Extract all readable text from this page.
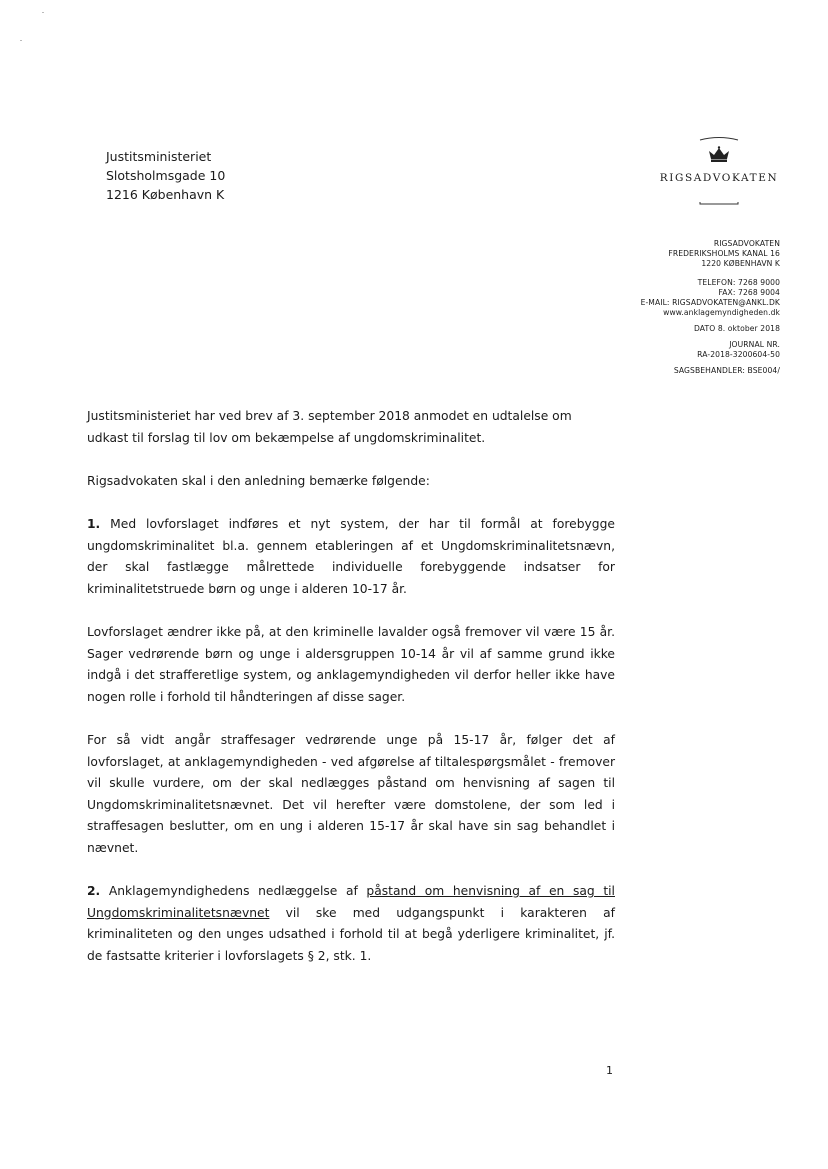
Justitsministeriet
Slotsholmsgade 10
1216 København K
RIGSADVOKATEN
RIGSADVOKATEN
FREDERIKSHOLMS KANAL 16
1220 KØBENHAVN K
TELEFON: 7268 9000
FAX: 7268 9004
E-MAIL: RIGSADVOKATEN@ANKL.DK
www.anklagemyndigheden.dk
DATO 8. oktober 2018
JOURNAL NR.
RA-2018-3200604-50
SAGSBEHANDLER: BSE004/

Justitsministeriet har ved brev af 3. september 2018 anmodet en udtalelse om udkast til forslag til lov om bekæmpelse af ungdomskriminalitet.

Rigsadvokaten skal i den anledning bemærke følgende:

1. Med lovforslaget indføres et nyt system, der har til formål at forebygge ungdomskriminalitet bl.a. gennem etableringen af et Ungdomskriminalitetsnævn, der skal fastlægge målrettede individuelle forebyggende indsatser for kriminalitetstruede børn og unge i alderen 10-17 år.

Lovforslaget ændrer ikke på, at den kriminelle lavalder også fremover vil være 15 år. Sager vedrørende børn og unge i aldersgruppen 10-14 år vil af samme grund ikke indgå i det strafferetlige system, og anklagemyndigheden vil derfor heller ikke have nogen rolle i forhold til håndteringen af disse sager.

For så vidt angår straffesager vedrørende unge på 15-17 år, følger det af lovforslaget, at anklagemyndigheden - ved afgørelse af tiltalespørgsmålet - fremover vil skulle vurdere, om der skal nedlægges påstand om henvisning af sagen til Ungdomskriminalitetsnævnet. Det vil herefter være domstolene, der som led i straffesagen beslutter, om en ung i alderen 15-17 år skal have sin sag behandlet i nævnet.

2. Anklagemyndighedens nedlæggelse af påstand om henvisning af en sag til Ungdomskriminalitetsnævnet vil ske med udgangspunkt i karakteren af kriminaliteten og den unges udsathed i forhold til at begå yderligere kriminalitet, jf. de fastsatte kriterier i lovforslagets § 2, stk. 1.

1
